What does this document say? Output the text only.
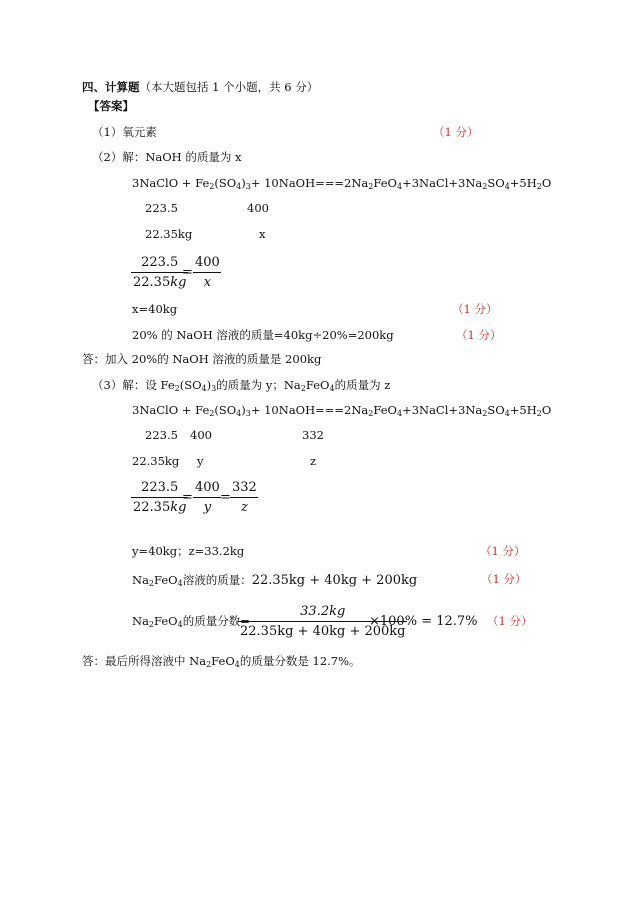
四、计算题（本大题包括 1 个小题，共 6 分）
【答案】
（1）氧元素	（1 分）
（2）解：NaOH 的质量为 x
3NaClO + $Fe_2(SO_4)_3+$ $10NaOH===2Na_2FeO_4+3NaCl+3Na_2SO_4+5H_2O$
223.5	400
22.35kg	x
$\frac{223.5}{22.35kg}$
= $\frac{400}{x}$
x=40kg	（1 分）
20% 的 NaOH 溶液的质量=40kg÷20%=200kg	（1 分）
答：加入 20%的 NaOH 溶液的质量是 200kg
（3）解：设 $Fe_2(SO_4)_3$的质量为 y；$Na_2FeO_4$的质量为 z
3NaClO + $Fe_2(SO_4)_3+$ $10NaOH===2Na_2FeO_4+3NaCl+3Na_2SO_4+5H_2O$
223.5 400	332
22.35kg y	z
$\frac{223.5}{22.35kg}$
= $\frac{400}{y}$
= $\frac{332}{z}$
y=40kg；z=33.2kg	（1 分）
$Na_2FeO_4$溶液的质量：22.35kg + 40kg + 200kg	（1 分）
$Na_2FeO_4$的质量分数=
$\frac{33.2kg}{22.35kg + 40kg + 200kg}$
×100% = 12.7% （1 分）
答：最后所得溶液中 $Na_2FeO_4$的质量分数是 12.7%。
